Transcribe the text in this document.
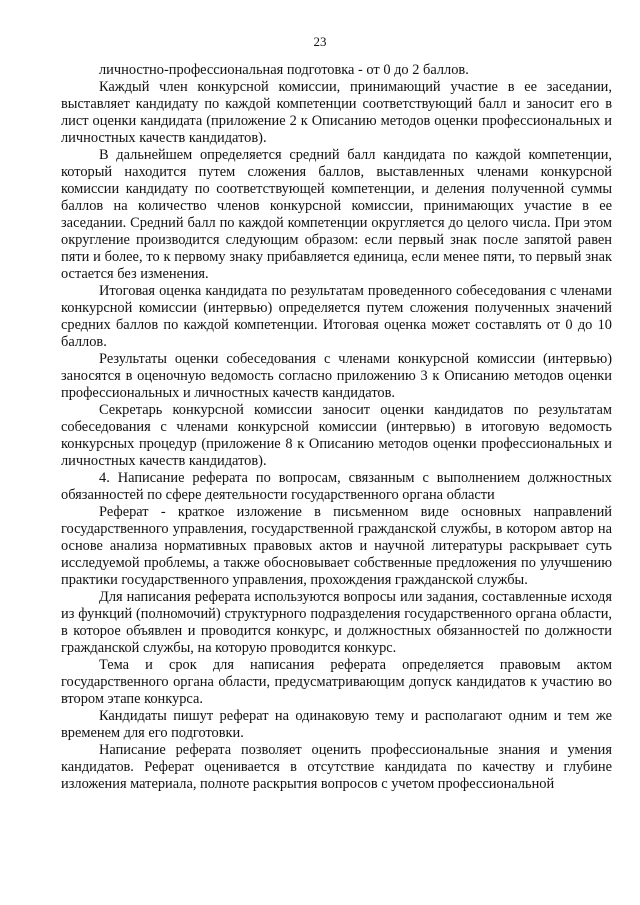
23

личностно-профессиональная подготовка - от 0 до 2 баллов.

Каждый член конкурсной комиссии, принимающий участие в ее заседании, выставляет кандидату по каждой компетенции соответствующий балл и заносит его в лист оценки кандидата (приложение 2 к Описанию методов оценки профессиональных и личностных качеств кандидатов).

В дальнейшем определяется средний балл кандидата по каждой компетенции, который находится путем сложения баллов, выставленных членами конкурсной комиссии кандидату по соответствующей компетенции, и деления полученной суммы баллов на количество членов конкурсной комиссии, принимающих участие в ее заседании. Средний балл по каждой компетенции округляется до целого числа. При этом округление производится следующим образом: если первый знак после запятой равен пяти и более, то к первому знаку прибавляется единица, если менее пяти, то первый знак остается без изменения.

Итоговая оценка кандидата по результатам проведенного собеседования с членами конкурсной комиссии (интервью) определяется путем сложения полученных значений средних баллов по каждой компетенции. Итоговая оценка может составлять от 0 до 10 баллов.

Результаты оценки собеседования с членами конкурсной комиссии (интервью) заносятся в оценочную ведомость согласно приложению 3 к Описанию методов оценки профессиональных и личностных качеств кандидатов.

Секретарь конкурсной комиссии заносит оценки кандидатов по результатам собеседования с членами конкурсной комиссии (интервью) в итоговую ведомость конкурсных процедур (приложение 8 к Описанию методов оценки профессиональных и личностных качеств кандидатов).

4. Написание реферата по вопросам, связанным с выполнением должностных обязанностей по сфере деятельности государственного органа области

Реферат - краткое изложение в письменном виде основных направлений государственного управления, государственной гражданской службы, в котором автор на основе анализа нормативных правовых актов и научной литературы раскрывает суть исследуемой проблемы, а также обосновывает собственные предложения по улучшению практики государственного управления, прохождения гражданской службы.

Для написания реферата используются вопросы или задания, составленные исходя из функций (полномочий) структурного подразделения государственного органа области, в которое объявлен и проводится конкурс, и должностных обязанностей по должности гражданской службы, на которую проводится конкурс.

Тема и срок для написания реферата определяется правовым актом государственного органа области, предусматривающим допуск кандидатов к участию во втором этапе конкурса.

Кандидаты пишут реферат на одинаковую тему и располагают одним и тем же временем для его подготовки.

Написание реферата позволяет оценить профессиональные знания и умения кандидатов. Реферат оценивается в отсутствие кандидата по качеству и глубине изложения материала, полноте раскрытия вопросов с учетом профессиональной
